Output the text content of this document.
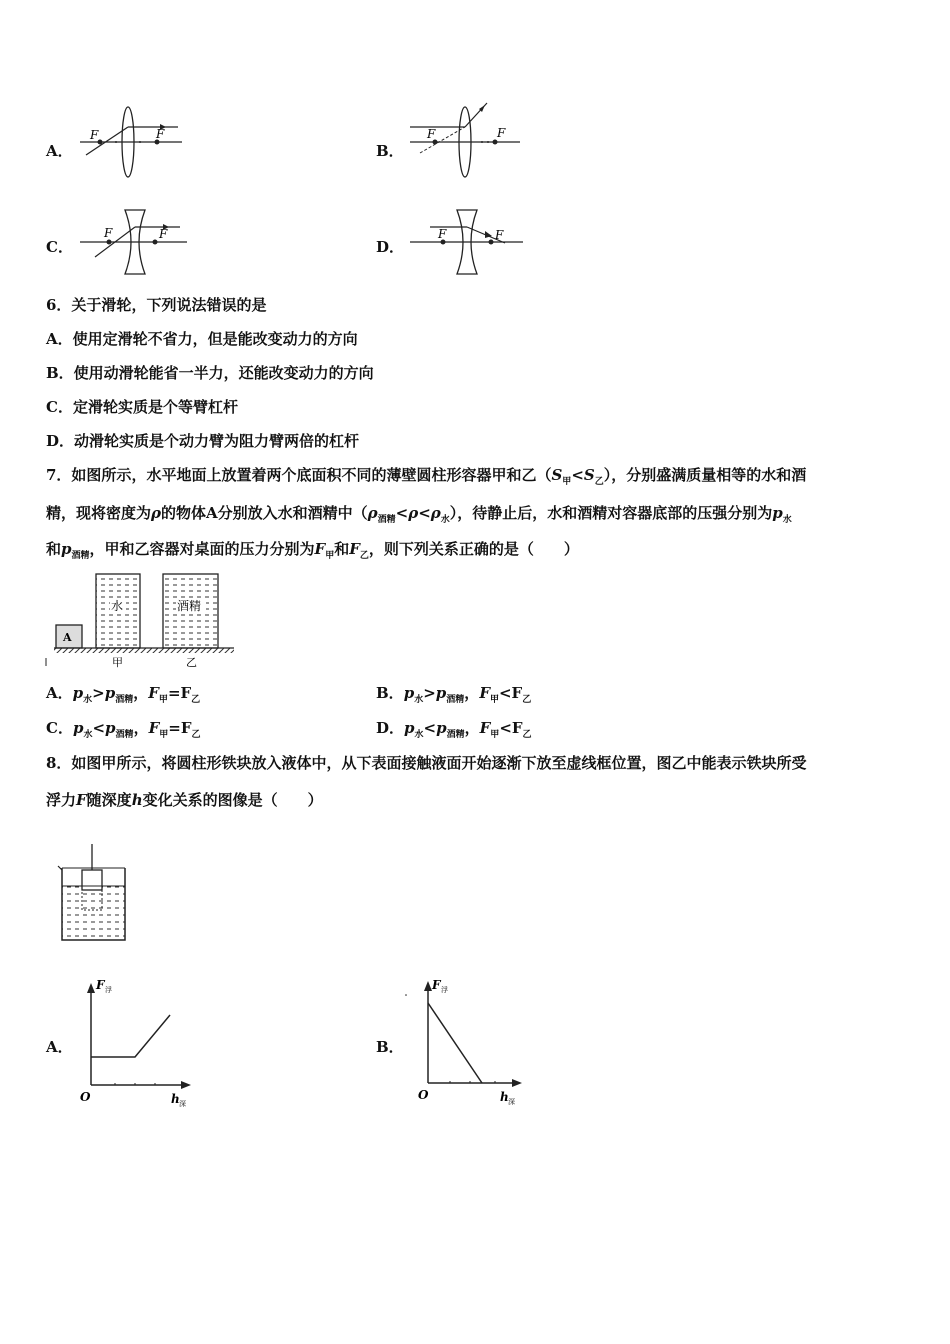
A．
F	F
B．
F	F
C．
F	F
D．
F	F
6．关于滑轮，下列说法错误的是
A．使用定滑轮不省力，但是能改变动力的方向
B．使用动滑轮能省一半力，还能改变动力的方向
C．定滑轮实质是个等臂杠杆
D．动滑轮实质是个动力臂为阻力臂两倍的杠杆
7．如图所示，水平地面上放置着两个底面积不同的薄壁圆柱形容器甲和乙$(S_甲<S_乙)$，分别盛满质量相等的水和酒
精，现将密度为ρ的物体A分别放入水和酒精中$(\rho_{酒精}<\rho<\rho_水)$，待静止后，水和酒精对容器底部的压强分别为$p_水$
和$p_{酒精}$，甲和乙容器对桌面的压力分别为$F_甲$和$F_乙$，则下列关系正确的是（　　）
A
水	酒精
甲	乙
A．$p_水>p_{酒精}$，$F_甲=F_乙$	B．$p_水>p_{酒精}$，$F_甲<F_乙$
C．$p_水<p_{酒精}$，$F_甲=F_乙$	D．$p_水<p_{酒精}$，$F_甲<F_乙$
8．如图甲所示，将圆柱形铁块放入液体中，从下表面接触液面开始逐渐下放至虚线框位置，图乙中能表示铁块所受
浮力F随深度h变化关系的图像是（　　）
A．
F 浮
O	h 深
B．
F 浮
O	h 深
